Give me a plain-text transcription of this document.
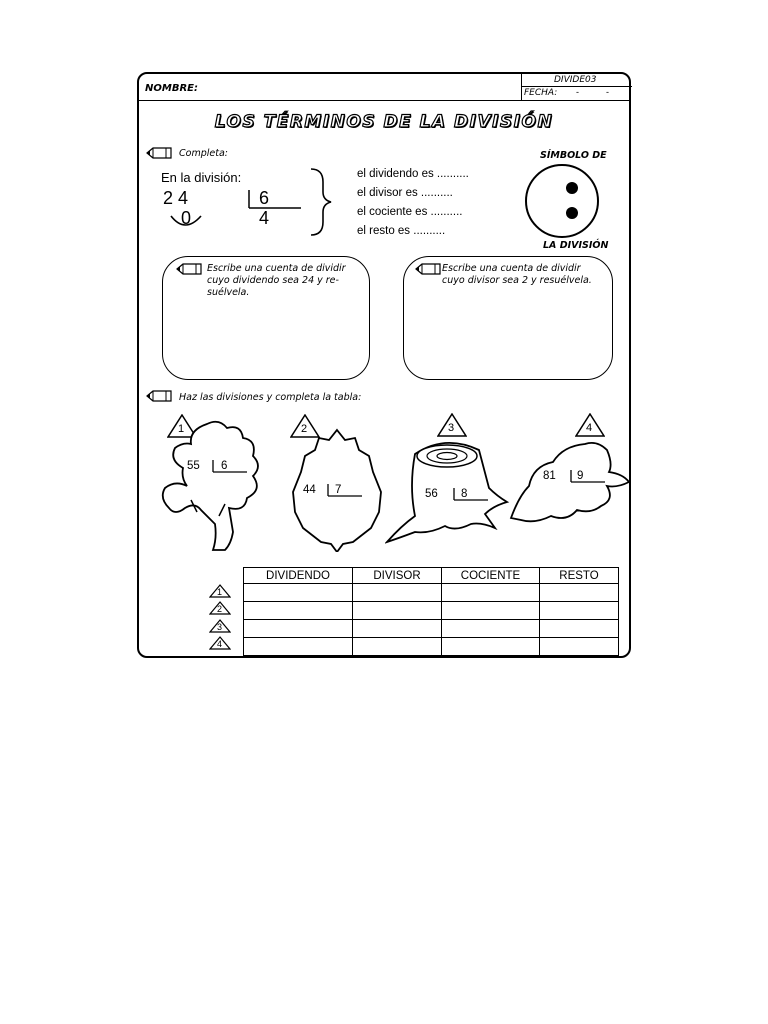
NOMBRE:
DIVIDE03
FECHA: -	-
LOS TÉRMINOS DE LA DIVISIÓN
Completa:
En la división:
2 4	6
4
0
el dividendo es ..........
el divisor es ..........
el cociente es ..........
el resto es ..........
SÍMBOLO DE
LA DIVISIÓN
Escribe una cuenta de dividir
cuyo dividendo sea 24 y re-
suélvela.
Escribe una cuenta de dividir
cuyo divisor sea 2 y resuélvela.
Haz las divisiones y completa la tabla:
1	2	3	4
55 6
44 7	56 8
81 9
1
2
3
4
DIVIDENDO	DIVISOR	COCIENTE	RESTO
